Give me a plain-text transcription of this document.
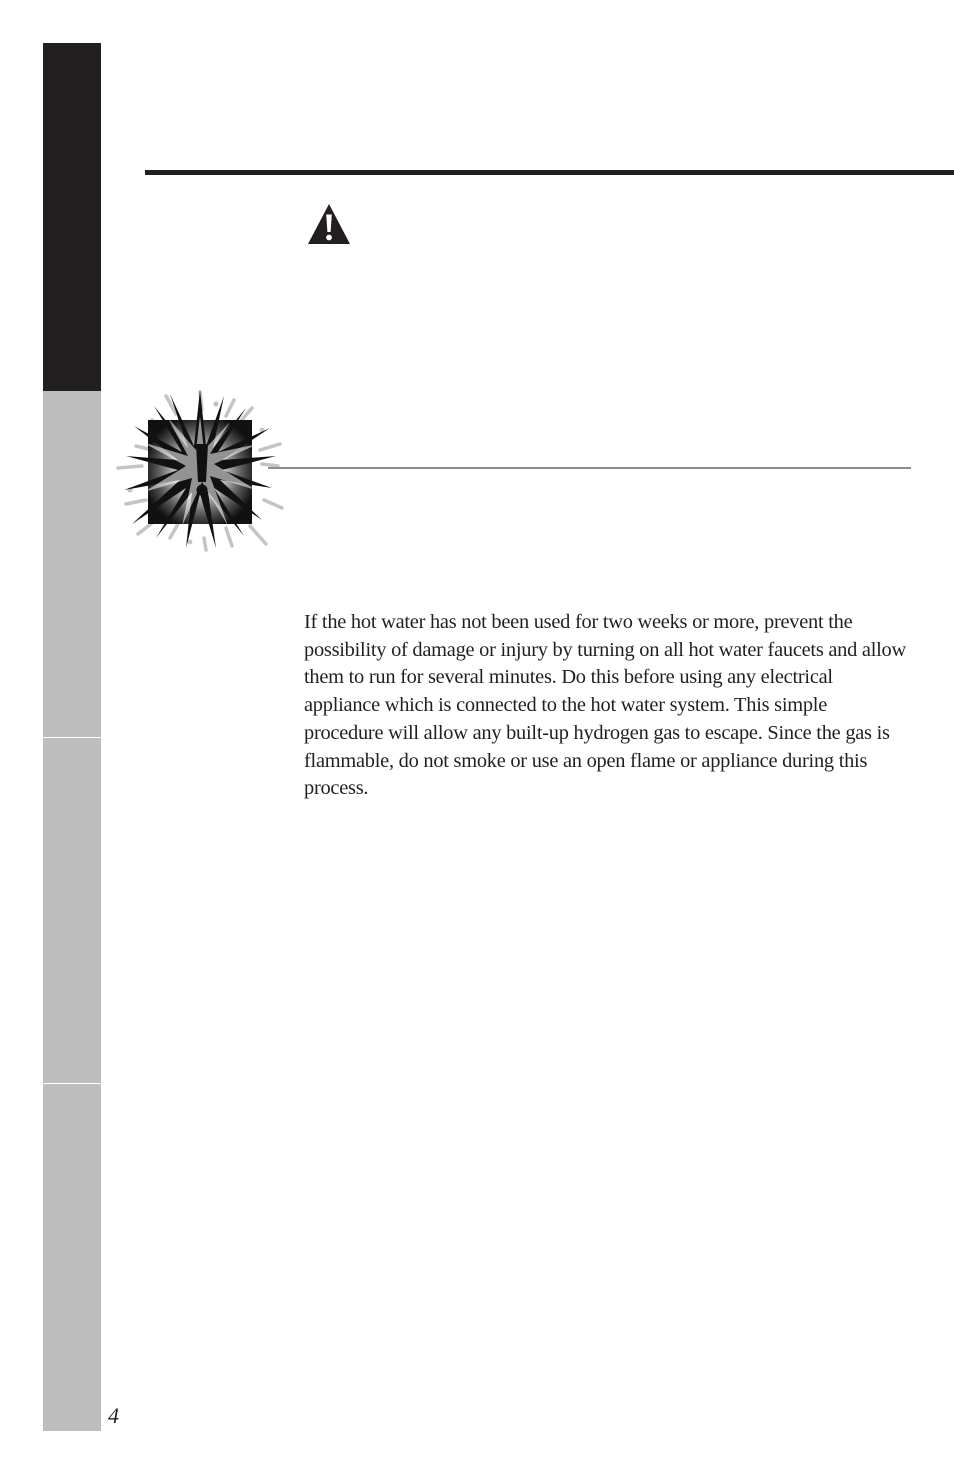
If the hot water has not been used for two weeks or more, prevent the possibility of damage or injury by turning on all hot water faucets and allow them to run for several minutes. Do this before using any electrical appliance which is connected to the hot water system. This simple procedure will allow any built-up hydrogen gas to escape. Since the gas is flammable, do not smoke or use an open flame or appliance during this process.

4
